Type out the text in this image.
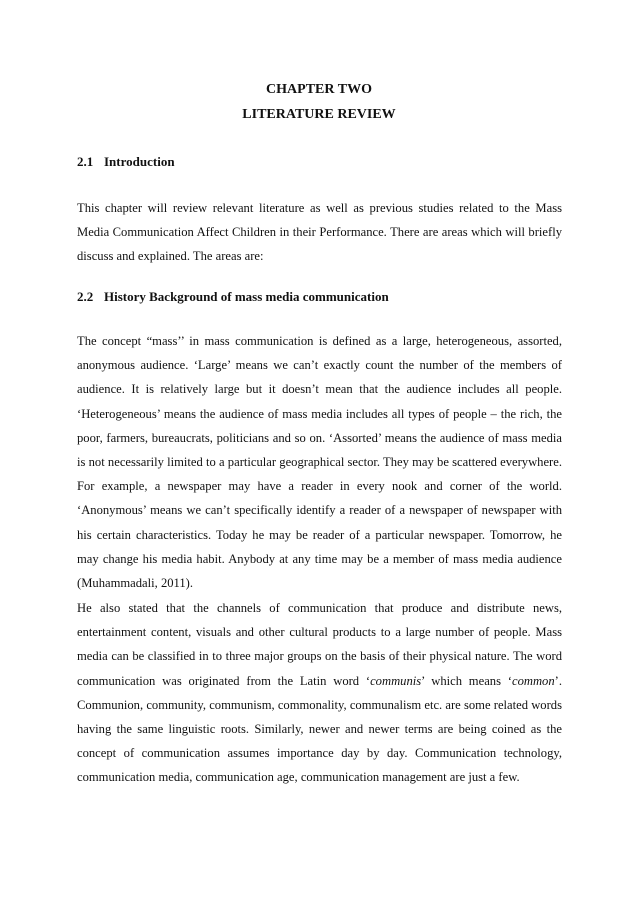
CHAPTER TWO
LITERATURE REVIEW
2.1 Introduction

This chapter will review relevant literature as well as previous studies related to the Mass Media Communication Affect Children in their Performance. There are areas which will briefly discuss and explained. The areas are:

2.2 History Background of mass media communication

The concept “mass’’ in mass communication is defined as a large, heterogeneous, assorted, anonymous audience. ‘Large’ means we can’t exactly count the number of the members of audience. It is relatively large but it doesn’t mean that the audience includes all people. ‘Heterogeneous’ means the audience of mass media includes all types of people – the rich, the poor, farmers, bureaucrats, politicians and so on. ‘Assorted’ means the audience of mass media is not necessarily limited to a particular geographical sector. They may be scattered everywhere. For example, a newspaper may have a reader in every nook and corner of the world. ‘Anonymous’ means we can’t specifically identify a reader of a newspaper of newspaper with his certain characteristics. Today he may be reader of a particular newspaper. Tomorrow, he may change his media habit. Anybody at any time may be a member of mass media audience (Muhammadali, 2011).

He also stated that the channels of communication that produce and distribute news, entertainment content, visuals and other cultural products to a large number of people. Mass media can be classified in to three major groups on the basis of their physical nature. The word communication was originated from the Latin word ‘communis’ which means ‘common’. Communion, community, communism, commonality, communalism etc. are some related words having the same linguistic roots. Similarly, newer and newer terms are being coined as the concept of communication assumes importance day by day. Communication technology, communication media, communication age, communication management are just a few.
